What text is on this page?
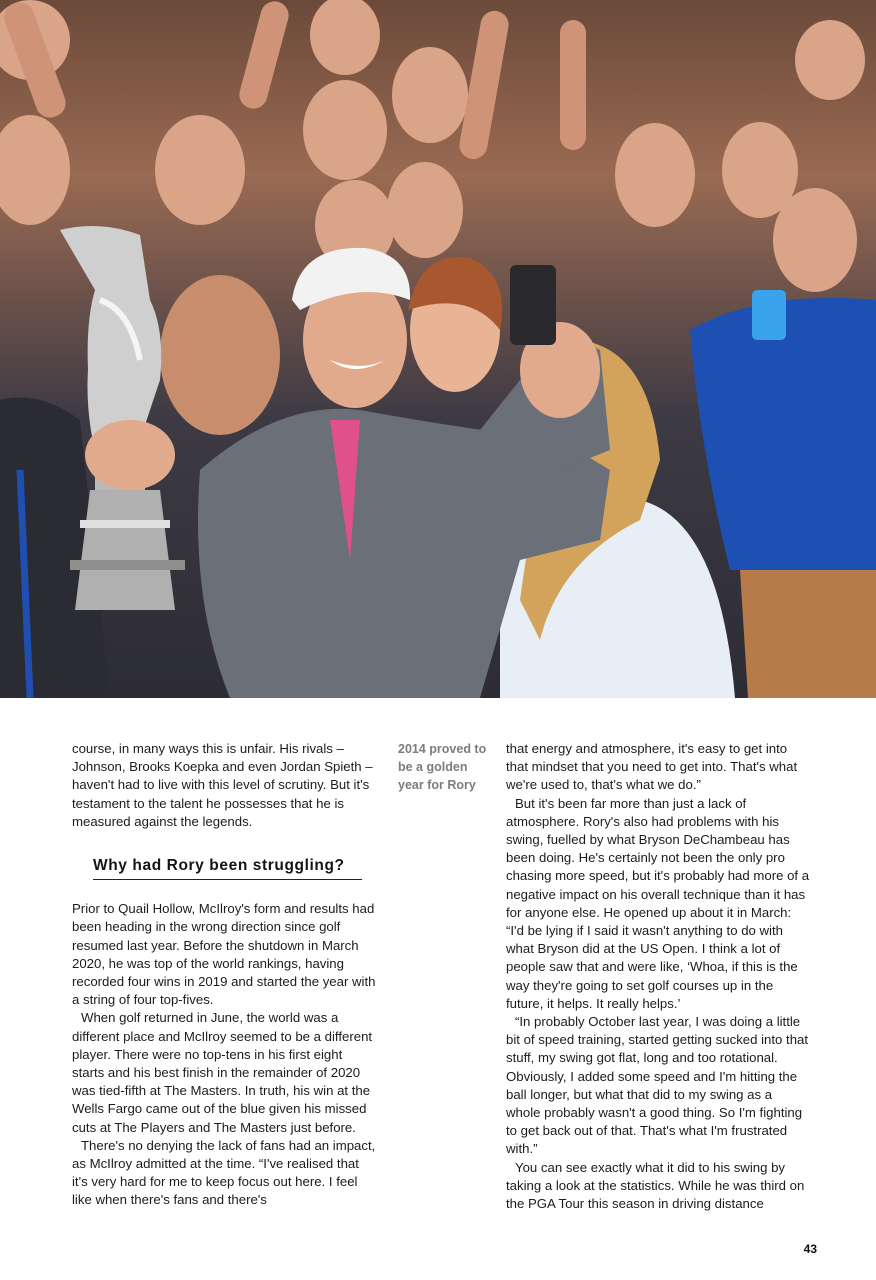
course, in many ways this is unfair. His rivals – Johnson, Brooks Koepka and even Jordan Spieth – haven't had to live with this level of scrutiny. But it's testament to the talent he possesses that he is measured against the legends.

Why had Rory been struggling?

Prior to Quail Hollow, McIlroy's form and results had been heading in the wrong direction since golf resumed last year. Before the shutdown in March 2020, he was top of the world rankings, having recorded four wins in 2019 and started the year with a string of four top-fives.

When golf returned in June, the world was a different place and McIlroy seemed to be a different player. There were no top-tens in his first eight starts and his best finish in the remainder of 2020 was tied-fifth at The Masters. In truth, his win at the Wells Fargo came out of the blue given his missed cuts at The Players and The Masters just before.

There's no denying the lack of fans had an impact, as McIlroy admitted at the time. “I've realised that it's very hard for me to keep focus out here. I feel like when there's fans and there's

2014 proved to be a golden year for Rory

that energy and atmosphere, it's easy to get into that mindset that you need to get into. That's what we're used to, that's what we do.”

But it's been far more than just a lack of atmosphere. Rory's also had problems with his swing, fuelled by what Bryson DeChambeau has been doing. He's certainly not been the only pro chasing more speed, but it's probably had more of a negative impact on his overall technique than it has for anyone else. He opened up about it in March: “I'd be lying if I said it wasn't anything to do with what Bryson did at the US Open. I think a lot of people saw that and were like, ‘Whoa, if this is the way they're going to set golf courses up in the future, it helps. It really helps.’

“In probably October last year, I was doing a little bit of speed training, started getting sucked into that stuff, my swing got flat, long and too rotational. Obviously, I added some speed and I'm hitting the ball longer, but what that did to my swing as a whole probably wasn't a good thing. So I'm fighting to get back out of that. That's what I'm frustrated with.”

You can see exactly what it did to his swing by taking a look at the statistics. While he was third on the PGA Tour this season in driving distance

43
